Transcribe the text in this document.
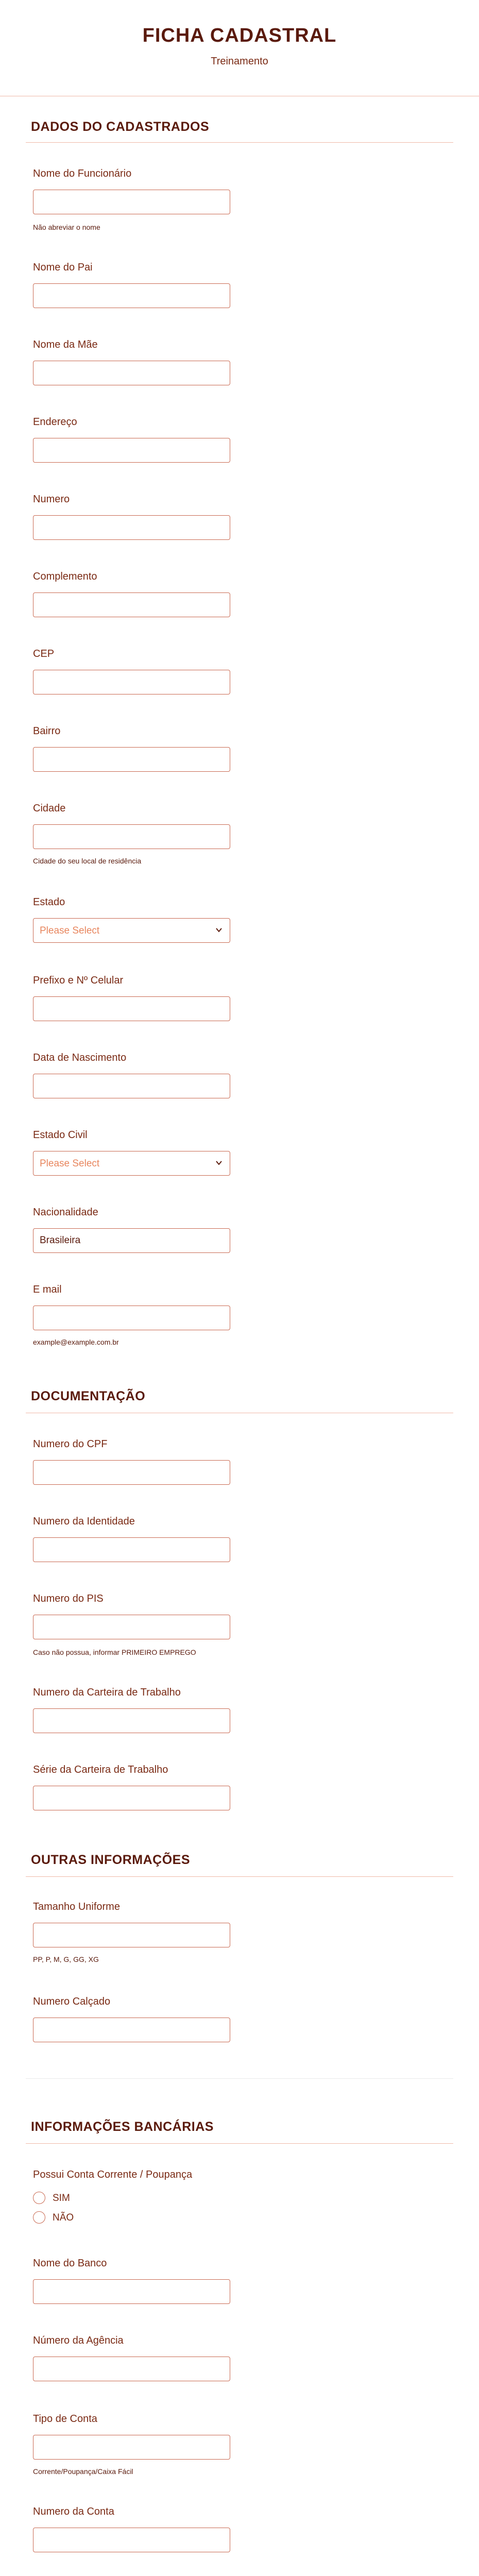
FICHA CADASTRAL
Treinamento
DADOS DO CADASTRADOS
Nome do Funcionário
Não abreviar o nome
Nome do Pai
Nome da Mãe
Endereço
Numero
Complemento
CEP
Bairro
Cidade
Cidade do seu local de residência
Estado
Please Select
Prefixo e Nº Celular
Data de Nascimento
Estado Civil
Please Select
Nacionalidade
Brasileira
E mail
example@example.com.br
DOCUMENTAÇÃO
Numero do CPF
Numero da Identidade
Numero do PIS
Caso não possua, informar PRIMEIRO EMPREGO
Numero da Carteira de Trabalho
Série da Carteira de Trabalho
OUTRAS INFORMAÇÕES
Tamanho Uniforme
PP, P, M, G, GG, XG
Numero Calçado
INFORMAÇÕES BANCÁRIAS
Possui Conta Corrente / Poupança
SIM
NÃO
Nome do Banco
Número da Agência
Tipo de Conta
Corrente/Poupança/Caixa Fácil
Numero da Conta
